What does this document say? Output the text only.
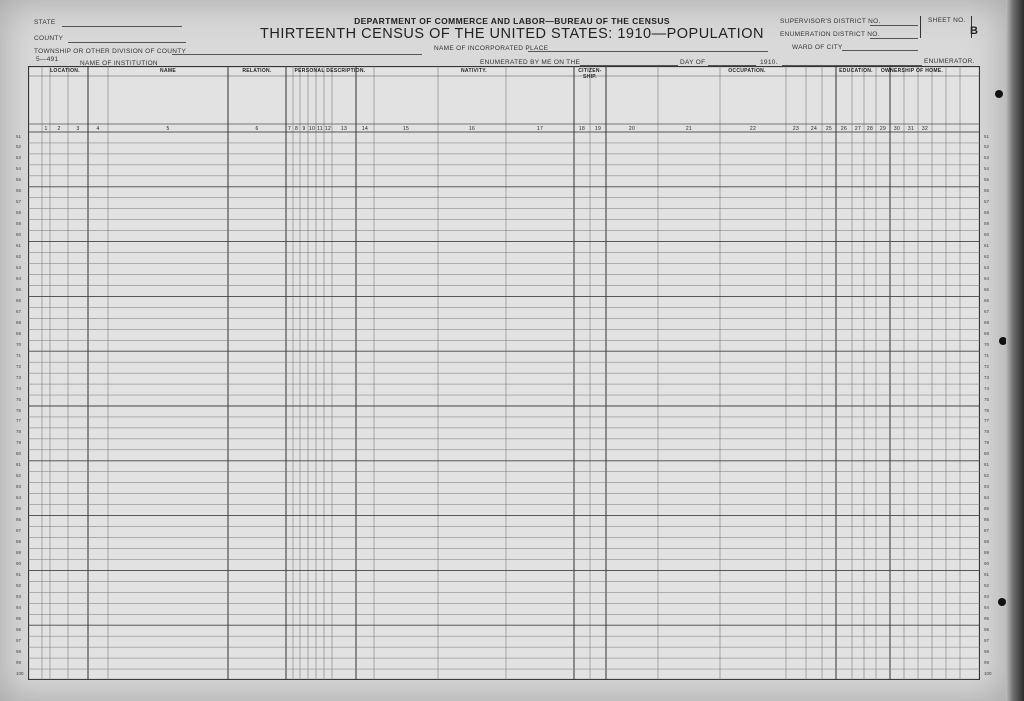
5—491
STATE
COUNTY
TOWNSHIP OR OTHER DIVISION OF COUNTY
NAME OF INSTITUTION
DEPARTMENT OF COMMERCE AND LABOR—BUREAU OF THE CENSUS
THIRTEENTH CENSUS OF THE UNITED STATES: 1910—POPULATION
NAME OF INCORPORATED PLACE
ENUMERATED BY ME ON THE	DAY OF	1910.	ENUMERATOR.
SUPERVISOR'S DISTRICT NO.
ENUMERATION DISTRICT NO.
WARD OF CITY
SHEET NO.
B
LOCATION.	NAME	RELATION.	PERSONAL DESCRIPTION.	NATIVITY.	CITIZEN-SHIP.
OCCUPATION.	EDUCATION.	OWNERSHIP OF HOME.
1	2	3	4	5	6	7 8 9 10 11 12	13	14	15	16	17	18	19	20	21	22	23	24	25	26	27	28	29	30	31	32
51	51
52	52
53	53
54	54
55	55
56	56
57	57
58	58
59	59
60	60
61	61
62	62
63	63
64	64
65	65
66	66
67	67
68	68
69	69
70	70
71	71
72	72
73	73
74	74
75	75
76	76
77	77
78	78
79	79
80	80
81	81
82	82
83	83
84	84
85	85
86	86
87	87
88	88
89	89
90	90
91	91
92	92
93	93
94	94
95	95
96	96
97	97
98	98
99	99
100	100
